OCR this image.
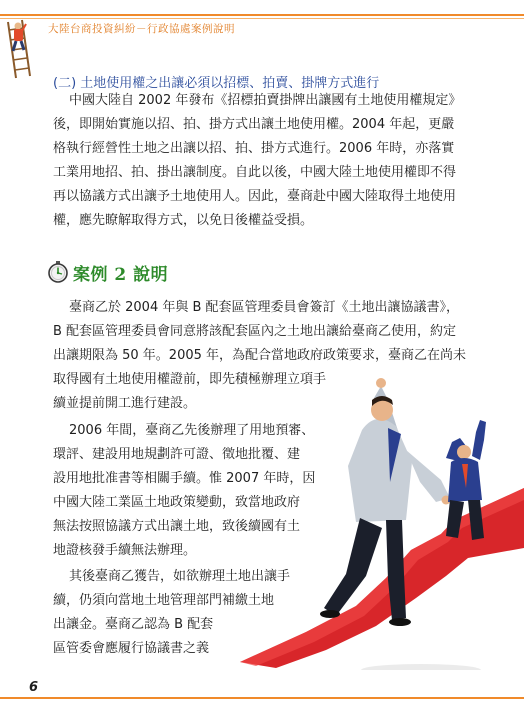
大陸台商投資糾紛－行政協處案例說明
(二) 土地使用權之出讓必須以招標、拍賣、掛牌方式進行
中國大陸自 2002 年發布《招標拍賣掛牌出讓國有土地使用權規定》
後，即開始實施以招、拍、掛方式出讓土地使用權。2004 年起，更嚴
格執行經營性土地之出讓以招、拍、掛方式進行。2006 年時，亦落實
工業用地招、拍、掛出讓制度。自此以後，中國大陸土地使用權即不得
再以協議方式出讓予土地使用人。因此，臺商赴中國大陸取得土地使用
權，應先瞭解取得方式，以免日後權益受損。
案例 2 說明
臺商乙於 2004 年與 B 配套區管理委員會簽訂《土地出讓協議書》，
B 配套區管理委員會同意將該配套區內之土地出讓給臺商乙使用，約定
出讓期限為 50 年。2005 年，為配合當地政府政策要求，臺商乙在尚未
取得國有土地使用權證前，即先積極辦理立項手
續並提前開工進行建設。
2006 年間，臺商乙先後辦理了用地預審、
環評、建設用地規劃許可證、徵地批覆、建
設用地批准書等相關手續。惟 2007 年時，因
中國大陸工業區土地政策變動，致當地政府
無法按照協議方式出讓土地，致後續國有土
地證核發手續無法辦理。
其後臺商乙獲告，如欲辦理土地出讓手
續，仍須向當地土地管理部門補繳土地
出讓金。臺商乙認為 B 配套
區管委會應履行協議書之義
6
